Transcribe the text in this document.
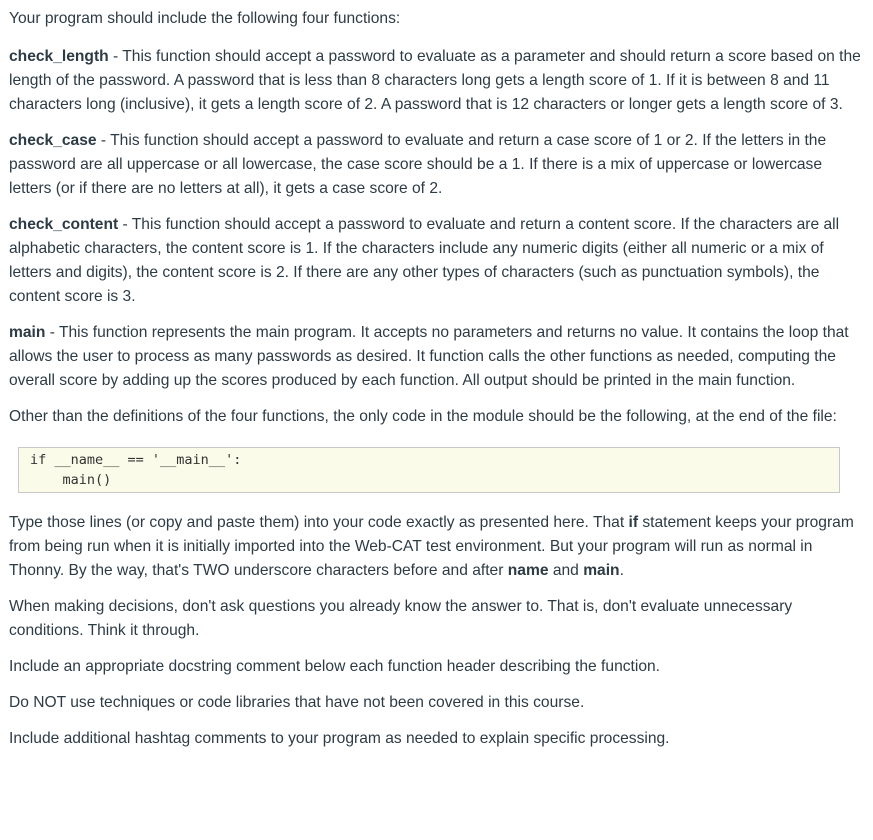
Your program should include the following four functions:

check_length - This function should accept a password to evaluate as a parameter and should return a score based on the length of the password. A password that is less than 8 characters long gets a length score of 1. If it is between 8 and 11 characters long (inclusive), it gets a length score of 2. A password that is 12 characters or longer gets a length score of 3.

check_case - This function should accept a password to evaluate and return a case score of 1 or 2. If the letters in the password are all uppercase or all lowercase, the case score should be a 1. If there is a mix of uppercase or lowercase letters (or if there are no letters at all), it gets a case score of 2.

check_content - This function should accept a password to evaluate and return a content score. If the characters are all alphabetic characters, the content score is 1. If the characters include any numeric digits (either all numeric or a mix of letters and digits), the content score is 2. If there are any other types of characters (such as punctuation symbols), the content score is 3.

main - This function represents the main program. It accepts no parameters and returns no value. It contains the loop that allows the user to process as many passwords as desired. It function calls the other functions as needed, computing the overall score by adding up the scores produced by each function. All output should be printed in the main function.

Other than the definitions of the four functions, the only code in the module should be the following, at the end of the file:

if __name__ == '__main__':
main()

Type those lines (or copy and paste them) into your code exactly as presented here. That if statement keeps your program from being run when it is initially imported into the Web-CAT test environment. But your program will run as normal in Thonny. By the way, that's TWO underscore characters before and after name and main.

When making decisions, don't ask questions you already know the answer to. That is, don't evaluate unnecessary conditions. Think it through.

Include an appropriate docstring comment below each function header describing the function.

Do NOT use techniques or code libraries that have not been covered in this course.

Include additional hashtag comments to your program as needed to explain specific processing.
